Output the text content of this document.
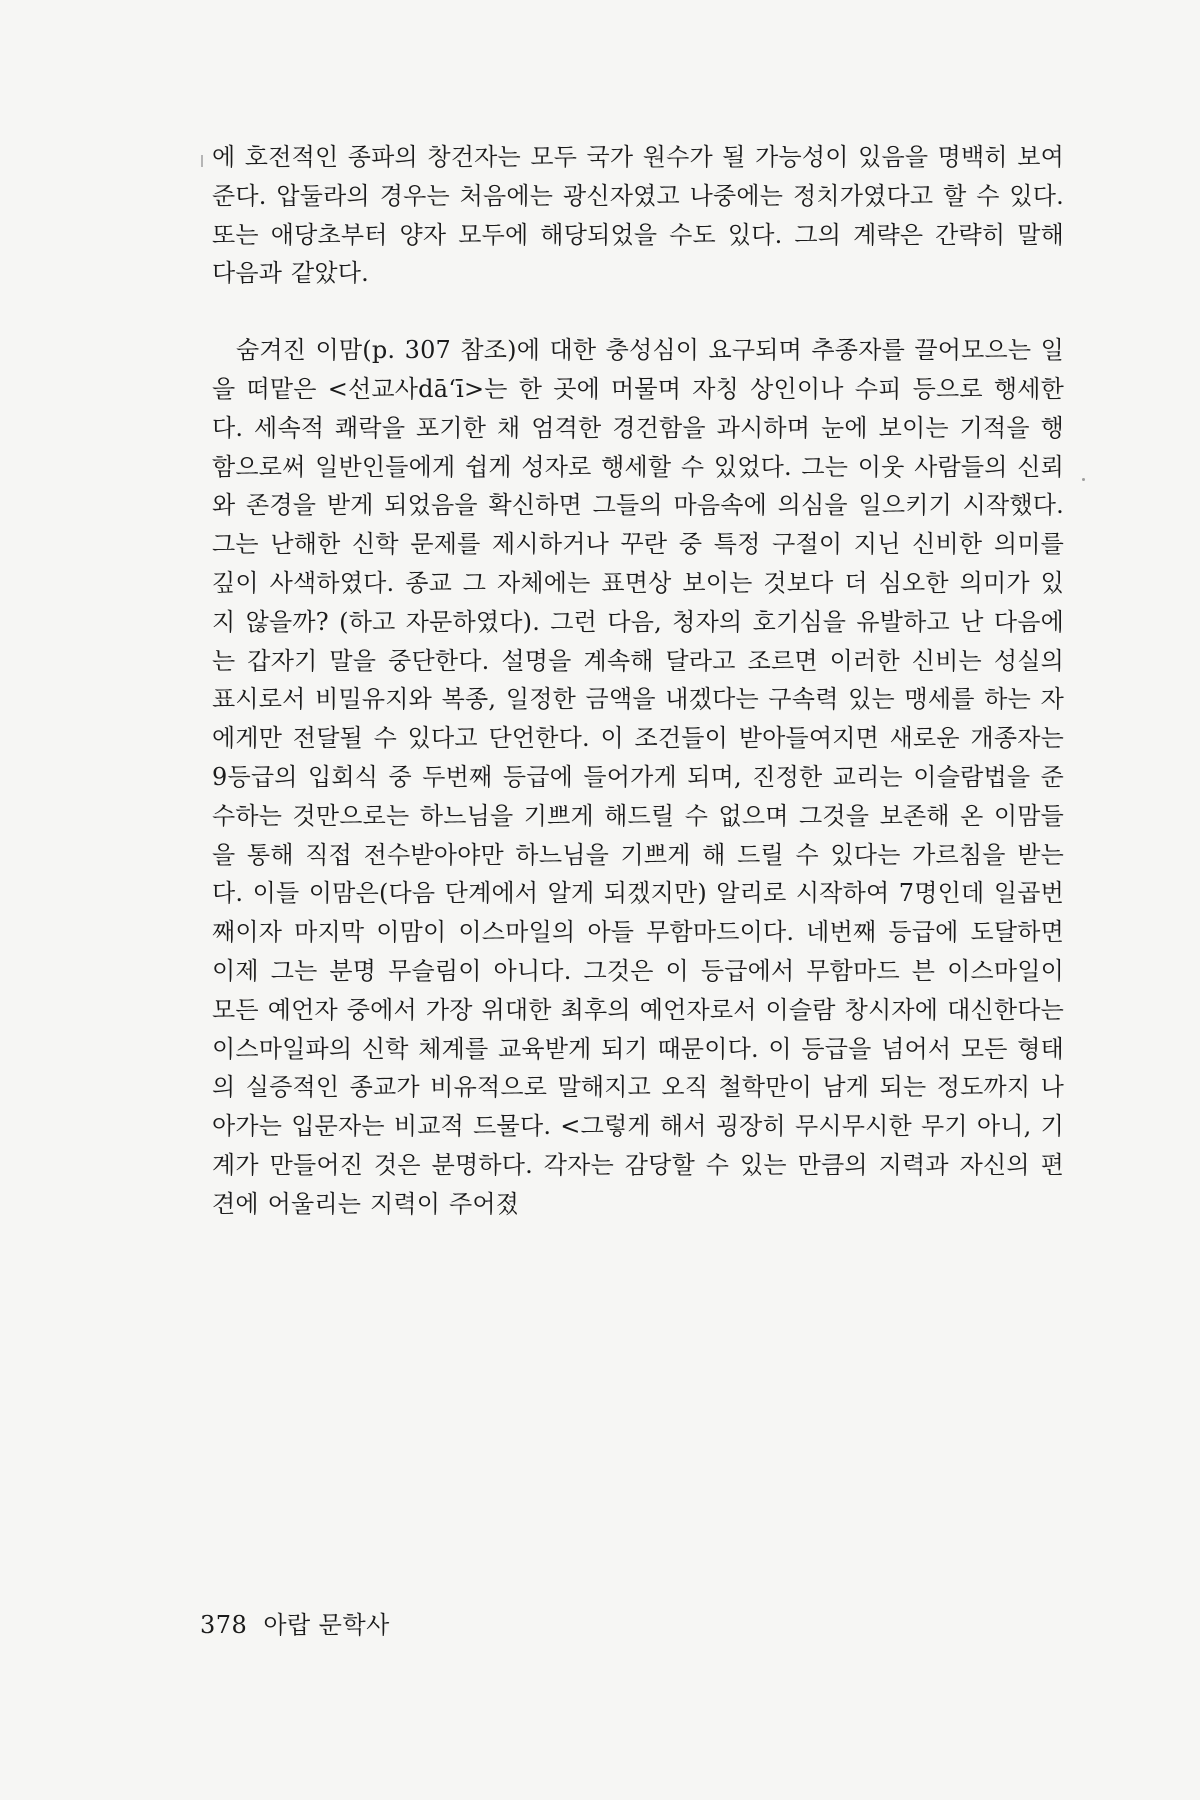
에 호전적인 종파의 창건자는 모두 국가 원수가 될 가능성이 있음을 명백히 보여 준다. 압둘라의 경우는 처음에는 광신자였고 나중에는 정치가였다고 할 수 있다. 또는 애당초부터 양자 모두에 해당되었을 수도 있다. 그의 계략은 간략히 말해 다음과 같았다.

숨겨진 이맘(p. 307 참조)에 대한 충성심이 요구되며 추종자를 끌어모으는 일을 떠맡은 <선교사dā‘ī>는 한 곳에 머물며 자칭 상인이나 수피 등으로 행세한다. 세속적 쾌락을 포기한 채 엄격한 경건함을 과시하며 눈에 보이는 기적을 행함으로써 일반인들에게 쉽게 성자로 행세할 수 있었다. 그는 이웃 사람들의 신뢰와 존경을 받게 되었음을 확신하면 그들의 마음속에 의심을 일으키기 시작했다. 그는 난해한 신학 문제를 제시하거나 꾸란 중 특정 구절이 지닌 신비한 의미를 깊이 사색하였다. 종교 그 자체에는 표면상 보이는 것보다 더 심오한 의미가 있지 않을까? (하고 자문하였다). 그런 다음, 청자의 호기심을 유발하고 난 다음에는 갑자기 말을 중단한다. 설명을 계속해 달라고 조르면 이러한 신비는 성실의 표시로서 비밀유지와 복종, 일정한 금액을 내겠다는 구속력 있는 맹세를 하는 자에게만 전달될 수 있다고 단언한다. 이 조건들이 받아들여지면 새로운 개종자는 9등급의 입회식 중 두번째 등급에 들어가게 되며, 진정한 교리는 이슬람법을 준수하는 것만으로는 하느님을 기쁘게 해드릴 수 없으며 그것을 보존해 온 이맘들을 통해 직접 전수받아야만 하느님을 기쁘게 해 드릴 수 있다는 가르침을 받는다. 이들 이맘은(다음 단계에서 알게 되겠지만) 알리로 시작하여 7명인데 일곱번째이자 마지막 이맘이 이스마일의 아들 무함마드이다. 네번째 등급에 도달하면 이제 그는 분명 무슬림이 아니다. 그것은 이 등급에서 무함마드 븐 이스마일이 모든 예언자 중에서 가장 위대한 최후의 예언자로서 이슬람 창시자에 대신한다는 이스마일파의 신학 체계를 교육받게 되기 때문이다. 이 등급을 넘어서 모든 형태의 실증적인 종교가 비유적으로 말해지고 오직 철학만이 남게 되는 정도까지 나아가는 입문자는 비교적 드물다. <그렇게 해서 굉장히 무시무시한 무기 아니, 기계가 만들어진 것은 분명하다. 각자는 감당할 수 있는 만큼의 지력과 자신의 편견에 어울리는 지력이 주어졌

378 아랍 문학사
